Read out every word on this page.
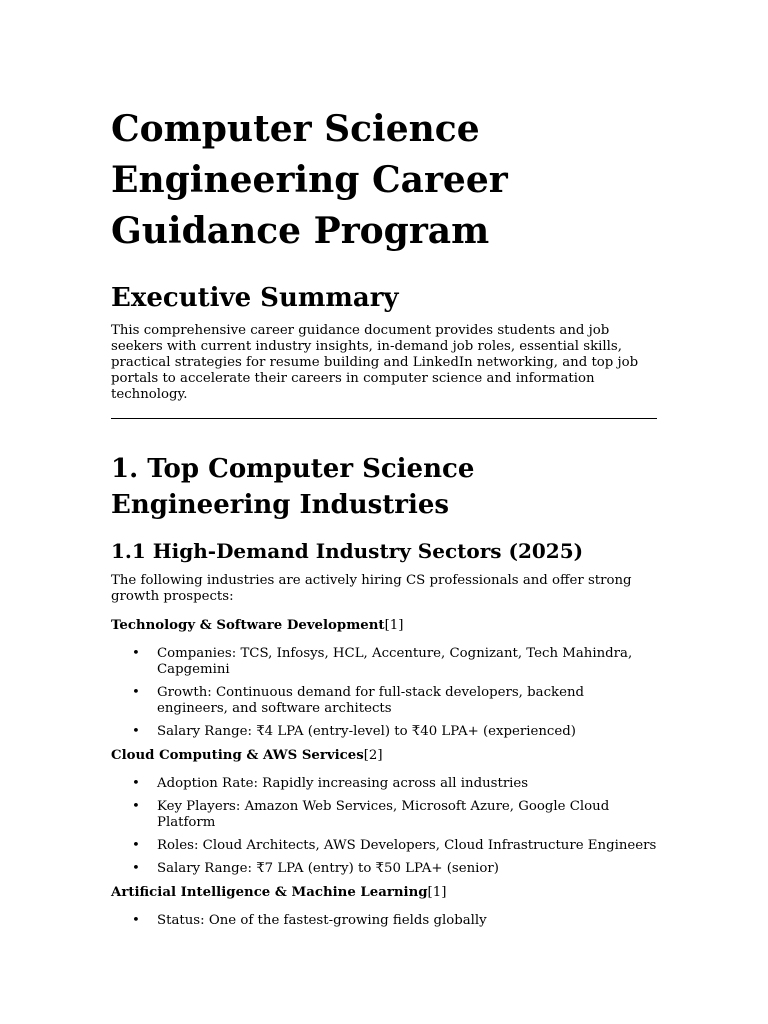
Computer Science Engineering Career Guidance Program
Executive Summary

This comprehensive career guidance document provides students and job seekers with current industry insights, in-demand job roles, essential skills, practical strategies for resume building and LinkedIn networking, and top job portals to accelerate their careers in computer science and information technology.

1. Top Computer Science Engineering Industries
1.1 High-Demand Industry Sectors (2025)

The following industries are actively hiring CS professionals and offer strong growth prospects:

Technology & Software Development[1]

• Companies: TCS, Infosys, HCL, Accenture, Cognizant, Tech Mahindra, Capgemini
• Growth: Continuous demand for full-stack developers, backend engineers, and software architects
• Salary Range: ₹4 LPA (entry-level) to ₹40 LPA+ (experienced)

Cloud Computing & AWS Services[2]

• Adoption Rate: Rapidly increasing across all industries
• Key Players: Amazon Web Services, Microsoft Azure, Google Cloud Platform
• Roles: Cloud Architects, AWS Developers, Cloud Infrastructure Engineers
• Salary Range: ₹7 LPA (entry) to ₹50 LPA+ (senior)

Artificial Intelligence & Machine Learning[1]

• Status: One of the fastest-growing fields globally
